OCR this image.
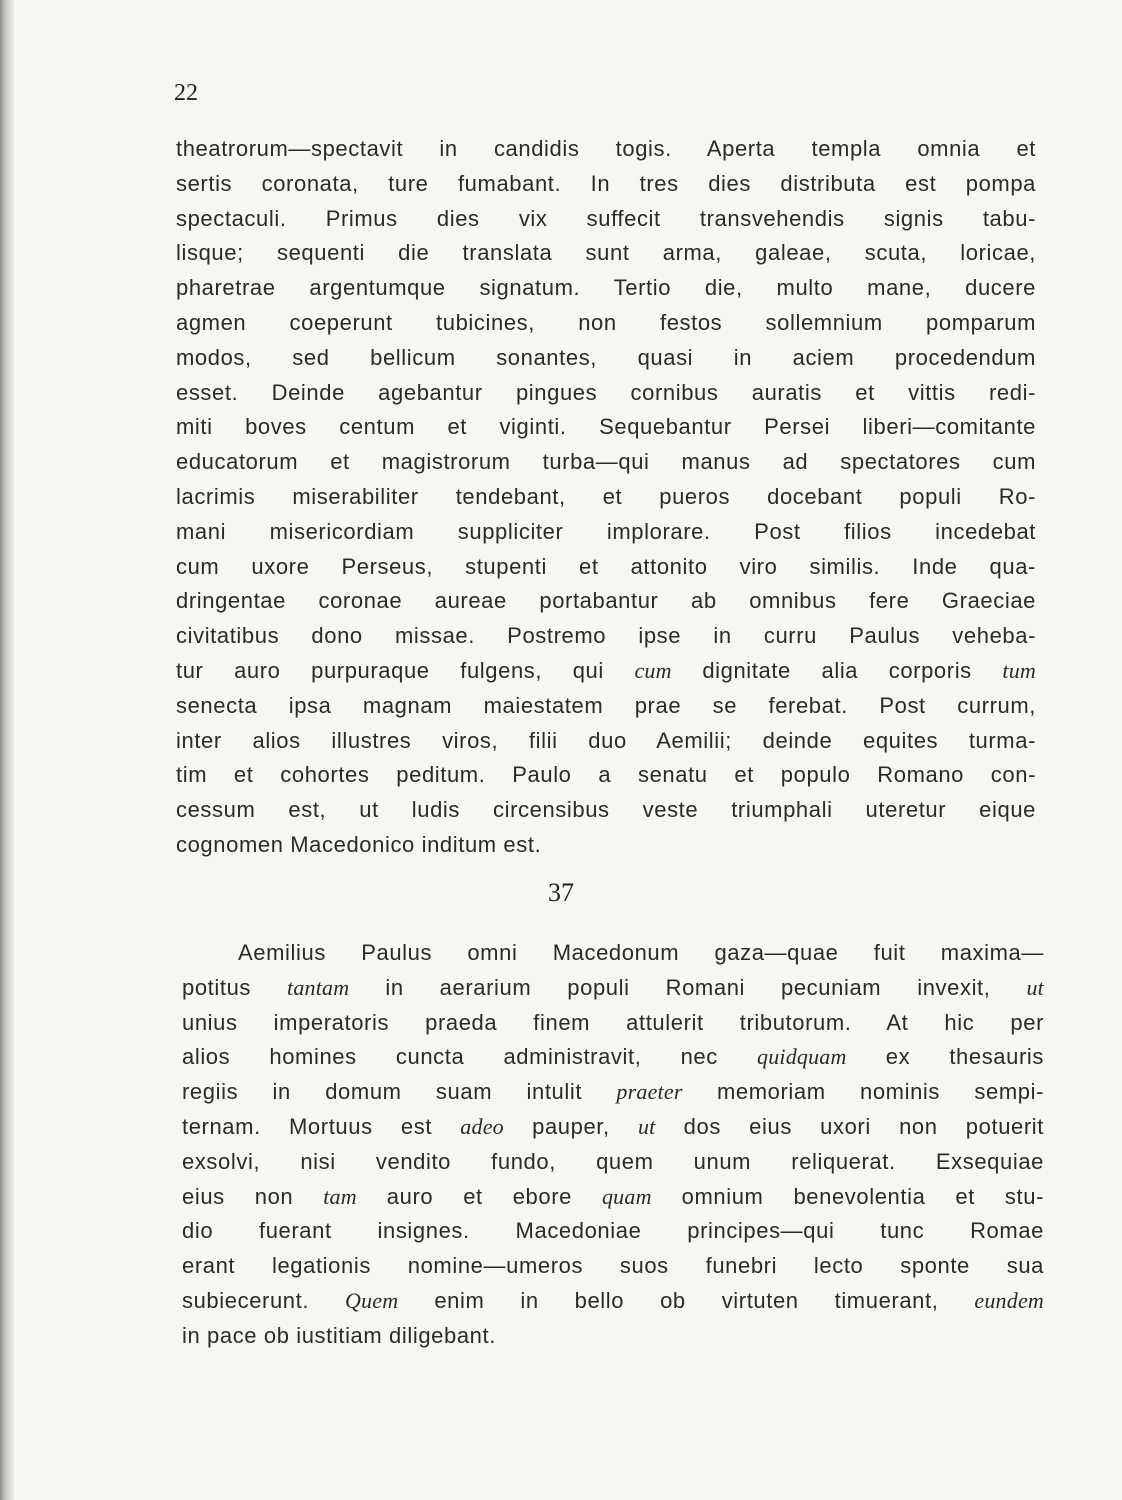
22
theatrorum—spectavit in candidis togis. Aperta templa omnia et
sertis coronata, ture fumabant. In tres dies distributa est pompa
spectaculi. Primus dies vix suffecit transvehendis signis tabu-
lisque; sequenti die translata sunt arma, galeae, scuta, loricae,
pharetrae argentumque signatum. Tertio die, multo mane, ducere
agmen coeperunt tubicines, non festos sollemnium pomparum
modos, sed bellicum sonantes, quasi in aciem procedendum
esset. Deinde agebantur pingues cornibus auratis et vittis redi-
miti boves centum et viginti. Sequebantur Persei liberi—comitante
educatorum et magistrorum turba—qui manus ad spectatores cum
lacrimis miserabiliter tendebant, et pueros docebant populi Ro-
mani misericordiam suppliciter implorare. Post filios incedebat
cum uxore Perseus, stupenti et attonito viro similis. Inde qua-
dringentae coronae aureae portabantur ab omnibus fere Graeciae
civitatibus dono missae. Postremo ipse in curru Paulus veheba-
tur auro purpuraque fulgens, qui cum dignitate alia corporis tum
senecta ipsa magnam maiestatem prae se ferebat. Post currum,
inter alios illustres viros, filii duo Aemilii; deinde equites turma-
tim et cohortes peditum. Paulo a senatu et populo Romano con-
cessum est, ut ludis circensibus veste triumphali uteretur eique
cognomen Macedonico inditum est.
37
Aemilius Paulus omni Macedonum gaza—quae fuit maxima—
potitus tantam in aerarium populi Romani pecuniam invexit, ut
unius imperatoris praeda finem attulerit tributorum. At hic per
alios homines cuncta administravit, nec quidquam ex thesauris
regiis in domum suam intulit praeter memoriam nominis sempi-
ternam. Mortuus est adeo pauper, ut dos eius uxori non potuerit
exsolvi, nisi vendito fundo, quem unum reliquerat. Exsequiae
eius non tam auro et ebore quam omnium benevolentia et stu-
dio fuerant insignes. Macedoniae principes—qui tunc Romae
erant legationis nomine—umeros suos funebri lecto sponte sua
subiecerunt. Quem enim in bello ob virtuten timuerant, eundem
in pace ob iustitiam diligebant.
